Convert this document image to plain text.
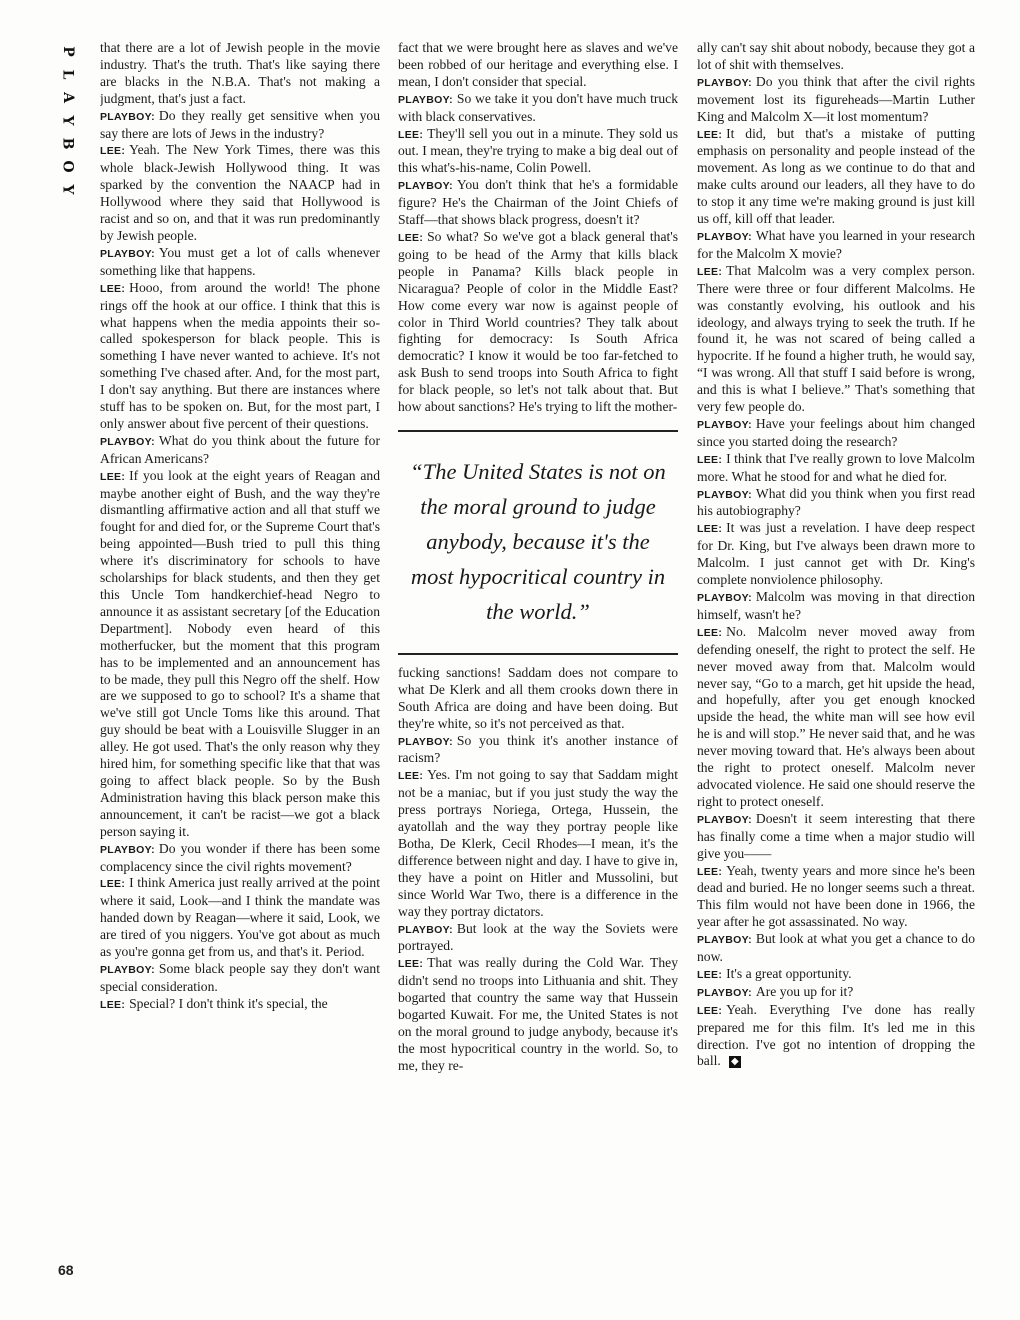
P
L
A
Y
B
O
Y
68

that there are a lot of Jewish people in the movie industry. That's the truth. That's like saying there are blacks in the N.B.A. That's not making a judgment, that's just a fact.

PLAYBOY: Do they really get sensitive when you say there are lots of Jews in the industry?

LEE: Yeah. The New York Times, there was this whole black-Jewish Hollywood thing. It was sparked by the convention the NAACP had in Hollywood where they said that Hollywood is racist and so on, and that it was run predominantly by Jewish people.

PLAYBOY: You must get a lot of calls whenever something like that happens.

LEE: Hooo, from around the world! The phone rings off the hook at our office. I think that this is what happens when the media appoints their so-called spokesperson for black people. This is something I have never wanted to achieve. It's not something I've chased after. And, for the most part, I don't say anything. But there are instances where stuff has to be spoken on. But, for the most part, I only answer about five percent of their questions.

PLAYBOY: What do you think about the future for African Americans?

LEE: If you look at the eight years of Reagan and maybe another eight of Bush, and the way they're dismantling affirmative action and all that stuff we fought for and died for, or the Supreme Court that's being appointed—Bush tried to pull this thing where it's discriminatory for schools to have scholarships for black students, and then they get this Uncle Tom handkerchief-head Negro to announce it as assistant secretary [of the Education Department]. Nobody even heard of this motherfucker, but the moment that this program has to be implemented and an announcement has to be made, they pull this Negro off the shelf. How are we supposed to go to school? It's a shame that we've still got Uncle Toms like this around. That guy should be beat with a Louisville Slugger in an alley. He got used. That's the only reason why they hired him, for something specific like that that was going to affect black people. So by the Bush Administration having this black person make this announcement, it can't be racist—we got a black person saying it.

PLAYBOY: Do you wonder if there has been some complacency since the civil rights movement?

LEE: I think America just really arrived at the point where it said, Look—and I think the mandate was handed down by Reagan—where it said, Look, we are tired of you niggers. You've got about as much as you're gonna get from us, and that's it. Period.

PLAYBOY: Some black people say they don't want special consideration.

LEE: Special? I don't think it's special, the

fact that we were brought here as slaves and we've been robbed of our heritage and everything else. I mean, I don't consider that special.

PLAYBOY: So we take it you don't have much truck with black conservatives.

LEE: They'll sell you out in a minute. They sold us out. I mean, they're trying to make a big deal out of this what's-his-name, Colin Powell.

PLAYBOY: You don't think that he's a formidable figure? He's the Chairman of the Joint Chiefs of Staff—that shows black progress, doesn't it?

LEE: So what? So we've got a black general that's going to be head of the Army that kills black people in Panama? Kills black people in Nicaragua? People of color in the Middle East? How come every war now is against people of color in Third World countries? They talk about fighting for democracy: Is South Africa democratic? I know it would be too far-fetched to ask Bush to send troops into South Africa to fight for black people, so let's not talk about that. But how about sanctions? He's trying to lift the mother-

“The United States is not on the moral ground to judge anybody, because it's the most hypocritical country in the world.”

fucking sanctions! Saddam does not compare to what De Klerk and all them crooks down there in South Africa are doing and have been doing. But they're white, so it's not perceived as that.

PLAYBOY: So you think it's another instance of racism?

LEE: Yes. I'm not going to say that Saddam might not be a maniac, but if you just study the way the press portrays Noriega, Ortega, Hussein, the ayatollah and the way they portray people like Botha, De Klerk, Cecil Rhodes—I mean, it's the difference between night and day. I have to give in, they have a point on Hitler and Mussolini, but since World War Two, there is a difference in the way they portray dictators.

PLAYBOY: But look at the way the Soviets were portrayed.

LEE: That was really during the Cold War. They didn't send no troops into Lithuania and shit. They bogarted that country the same way that Hussein bogarted Kuwait. For me, the United States is not on the moral ground to judge anybody, because it's the most hypocritical country in the world. So, to me, they re-

ally can't say shit about nobody, because they got a lot of shit with themselves.

PLAYBOY: Do you think that after the civil rights movement lost its figureheads—Martin Luther King and Malcolm X—it lost momentum?

LEE: It did, but that's a mistake of putting emphasis on personality and people instead of the movement. As long as we continue to do that and make cults around our leaders, all they have to do to stop it any time we're making ground is just kill us off, kill off that leader.

PLAYBOY: What have you learned in your research for the Malcolm X movie?

LEE: That Malcolm was a very complex person. There were three or four different Malcolms. He was constantly evolving, his outlook and his ideology, and always trying to seek the truth. If he found it, he was not scared of being called a hypocrite. If he found a higher truth, he would say, “I was wrong. All that stuff I said before is wrong, and this is what I believe.” That's something that very few people do.

PLAYBOY: Have your feelings about him changed since you started doing the research?

LEE: I think that I've really grown to love Malcolm more. What he stood for and what he died for.

PLAYBOY: What did you think when you first read his autobiography?

LEE: It was just a revelation. I have deep respect for Dr. King, but I've always been drawn more to Malcolm. I just cannot get with Dr. King's complete nonviolence philosophy.

PLAYBOY: Malcolm was moving in that direction himself, wasn't he?

LEE: No. Malcolm never moved away from defending oneself, the right to protect the self. He never moved away from that. Malcolm would never say, “Go to a march, get hit upside the head, and hopefully, after you get enough knocked upside the head, the white man will see how evil he is and will stop.” He never said that, and he was never moving toward that. He's always been about the right to protect oneself. Malcolm never advocated violence. He said one should reserve the right to protect oneself.

PLAYBOY: Doesn't it seem interesting that there has finally come a time when a major studio will give you——

LEE: Yeah, twenty years and more since he's been dead and buried. He no longer seems such a threat. This film would not have been done in 1966, the year after he got assassinated. No way.

PLAYBOY: But look at what you get a chance to do now.

LEE: It's a great opportunity.

PLAYBOY: Are you up for it?

LEE: Yeah. Everything I've done has really prepared me for this film. It's led me in this direction. I've got no intention of dropping the ball. ◆
